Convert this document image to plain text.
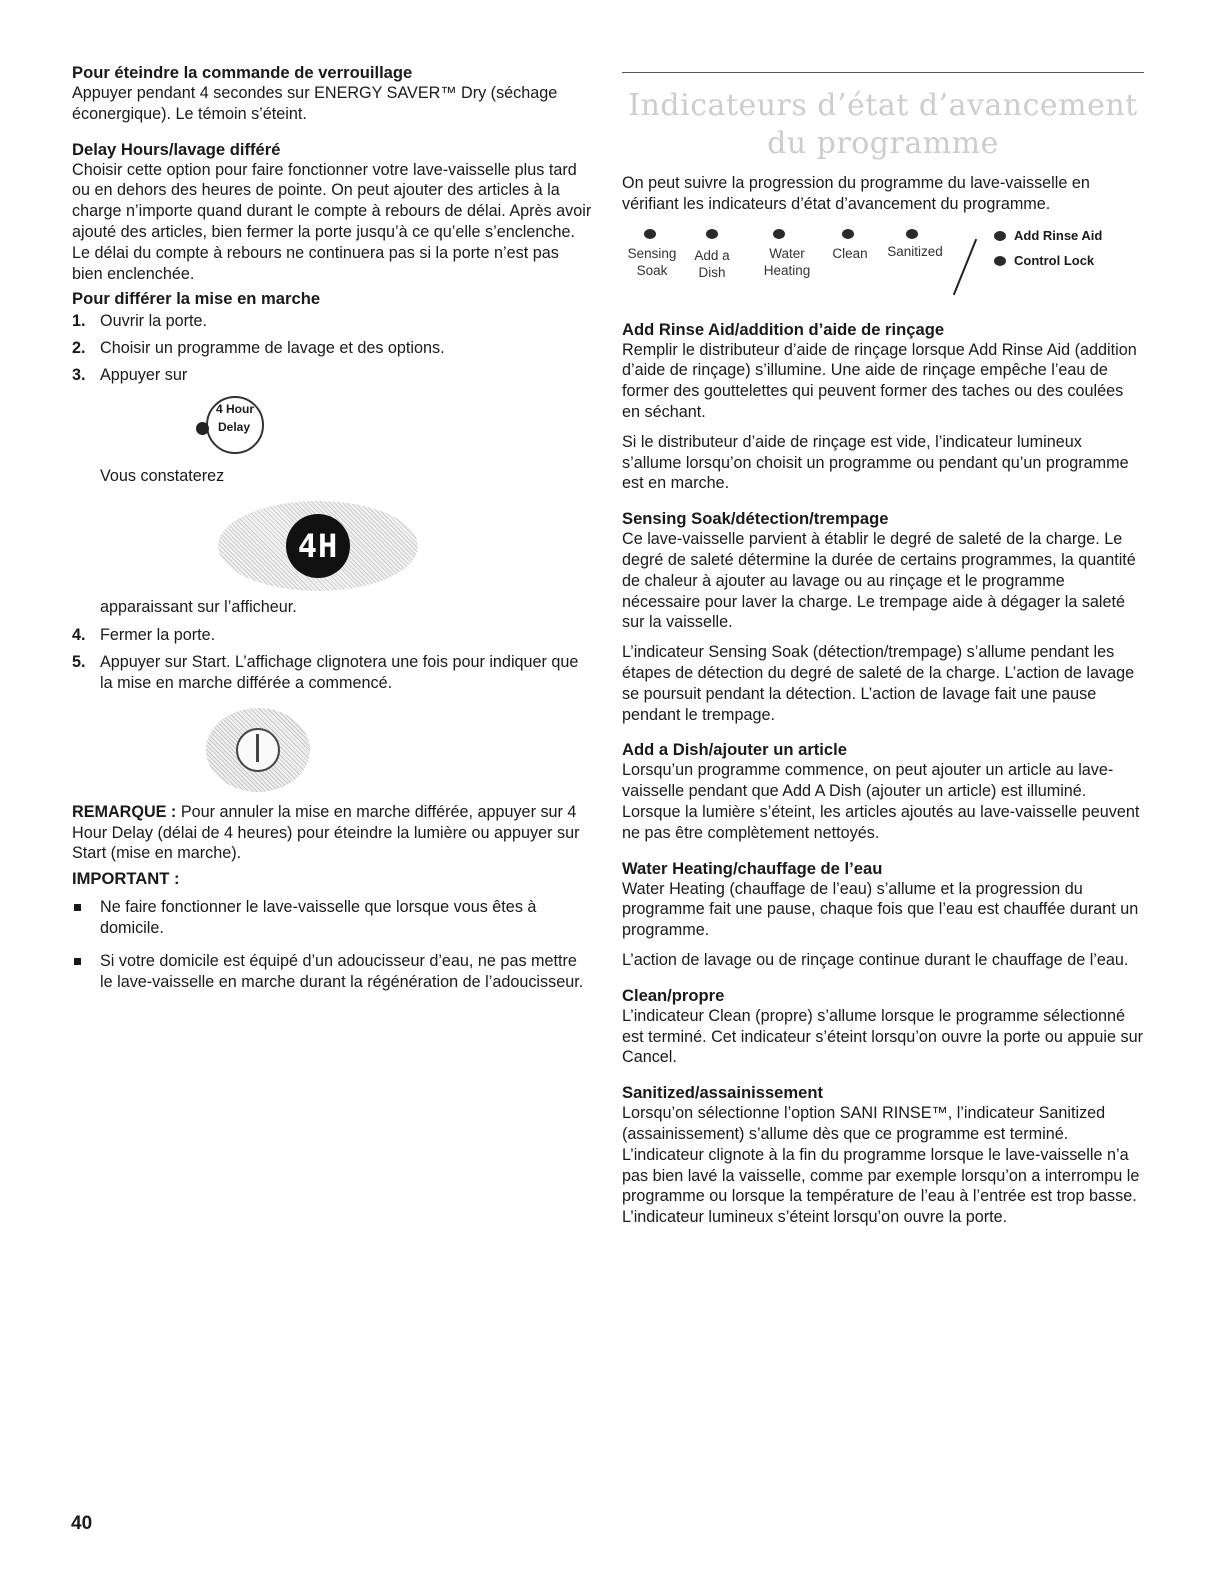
Pour éteindre la commande de verrouillage

Appuyer pendant 4 secondes sur ENERGY SAVER™ Dry (séchage éconergique). Le témoin s’éteint.

Delay Hours/lavage différé

Choisir cette option pour faire fonctionner votre lave-vaisselle plus tard ou en dehors des heures de pointe. On peut ajouter des articles à la charge n’importe quand durant le compte à rebours de délai. Après avoir ajouté des articles, bien fermer la porte jusqu’à ce qu’elle s’enclenche. Le délai du compte à rebours ne continuera pas si la porte n’est pas bien enclenchée.

Pour différer la mise en marche
1. Ouvrir la porte.
2. Choisir un programme de lavage et des options.
3. Appuyer sur
4 Hour
Delay

Vous constaterez

4H

apparaissant sur l’afficheur.

4. Fermer la porte.
5. Appuyer sur Start. L’affichage clignotera une fois pour indiquer que la mise en marche différée a commencé.

REMARQUE : Pour annuler la mise en marche différée, appuyer sur 4 Hour Delay (délai de 4 heures) pour éteindre la lumière ou appuyer sur Start (mise en marche).

IMPORTANT :
Ne faire fonctionner le lave-vaisselle que lorsque vous êtes à domicile.
Si votre domicile est équipé d’un adoucisseur d’eau, ne pas mettre le lave-vaisselle en marche durant la régénération de l’adoucisseur.
Indicateurs d’état d’avancement
du programme

On peut suivre la progression du programme du lave-vaisselle en vérifiant les indicateurs d’état d’avancement du programme.

Sensing
Soak
Add a
Dish
Water
Heating
Clean	Sanitized
Add Rinse Aid
Control Lock
Add Rinse Aid/addition d’aide de rinçage

Remplir le distributeur d’aide de rinçage lorsque Add Rinse Aid (addition d’aide de rinçage) s’illumine. Une aide de rinçage empêche l’eau de former des gouttelettes qui peuvent former des taches ou des coulées en séchant.

Si le distributeur d’aide de rinçage est vide, l’indicateur lumineux s’allume lorsqu’on choisit un programme ou pendant qu’un programme est en marche.

Sensing Soak/détection/trempage

Ce lave-vaisselle parvient à établir le degré de saleté de la charge. Le degré de saleté détermine la durée de certains programmes, la quantité de chaleur à ajouter au lavage ou au rinçage et le programme nécessaire pour laver la charge. Le trempage aide à dégager la saleté sur la vaisselle.

L’indicateur Sensing Soak (détection/trempage) s’allume pendant les étapes de détection du degré de saleté de la charge. L’action de lavage se poursuit pendant la détection. L’action de lavage fait une pause pendant le trempage.

Add a Dish/ajouter un article

Lorsqu’un programme commence, on peut ajouter un article au lave-vaisselle pendant que Add A Dish (ajouter un article) est illuminé. Lorsque la lumière s’éteint, les articles ajoutés au lave-vaisselle peuvent ne pas être complètement nettoyés.

Water Heating/chauffage de l’eau

Water Heating (chauffage de l’eau) s’allume et la progression du programme fait une pause, chaque fois que l’eau est chauffée durant un programme.

L’action de lavage ou de rinçage continue durant le chauffage de l’eau.

Clean/propre

L’indicateur Clean (propre) s’allume lorsque le programme sélectionné est terminé. Cet indicateur s’éteint lorsqu’on ouvre la porte ou appuie sur Cancel.

Sanitized/assainissement

Lorsqu’on sélectionne l’option SANI RINSE™, l’indicateur Sanitized (assainissement) s’allume dès que ce programme est terminé. L’indicateur clignote à la fin du programme lorsque le lave-vaisselle n’a pas bien lavé la vaisselle, comme par exemple lorsqu’on a interrompu le programme ou lorsque la température de l’eau à l’entrée est trop basse. L’indicateur lumineux s’éteint lorsqu’on ouvre la porte.

40
